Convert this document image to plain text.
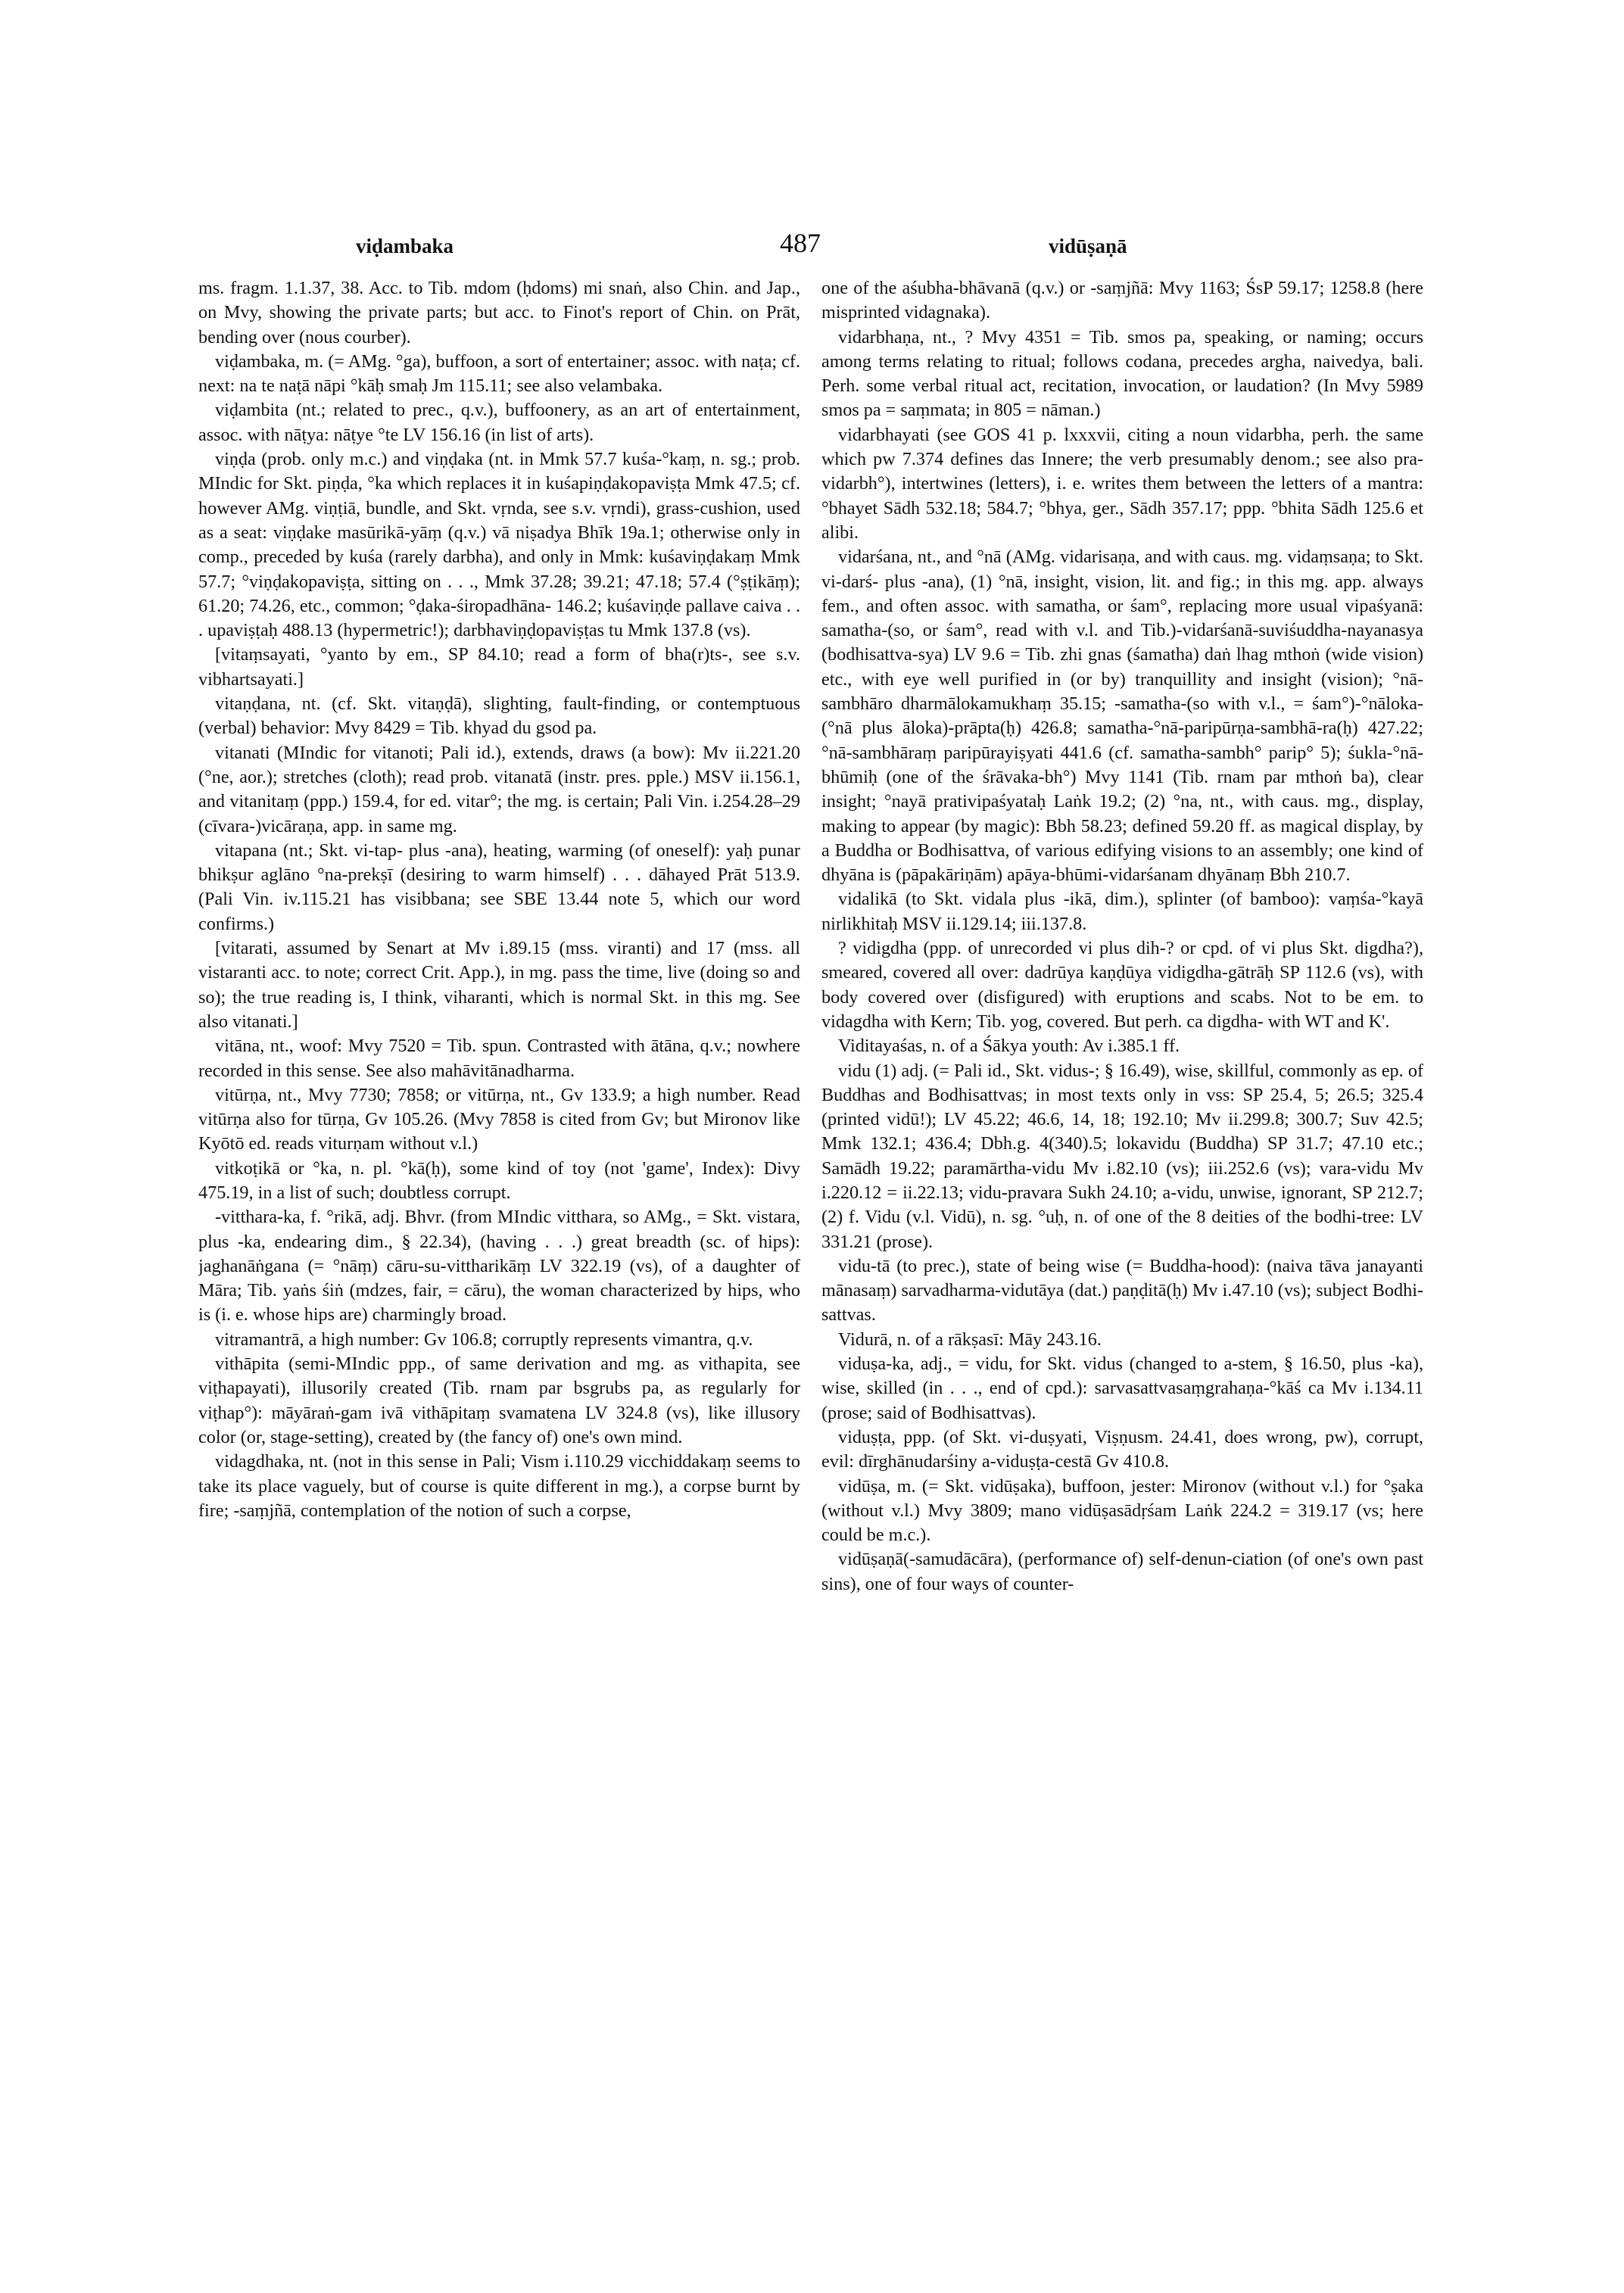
viḍambaka	487	vidūṣaṇā

ms. fragm. 1.1.37, 38. Acc. to Tib. mdom (ḥdoms) mi snaṅ, also Chin. and Jap., on Mvy, showing the private parts; but acc. to Finot's report of Chin. on Prāt, bending over (nous courber).

viḍambaka, m. (= AMg. °ga), buffoon, a sort of entertainer; assoc. with naṭa; cf. next: na te naṭā nāpi °kāḥ smaḥ Jm 115.11; see also velambaka.

viḍambita (nt.; related to prec., q.v.), buffoonery, as an art of entertainment, assoc. with nāṭya: nāṭye °te LV 156.16 (in list of arts).

viṇḍa (prob. only m.c.) and viṇḍaka (nt. in Mmk 57.7 kuśa-°kaṃ, n. sg.; prob. MIndic for Skt. piṇḍa, °ka which replaces it in kuśapiṇḍakopaviṣṭa Mmk 47.5; cf. however AMg. viṇṭiā, bundle, and Skt. vṛnda, see s.v. vṛndi), grass-cushion, used as a seat: viṇḍake masūrikā-yāṃ (q.v.) vā niṣadya Bhīk 19a.1; otherwise only in comp., preceded by kuśa (rarely darbha), and only in Mmk: kuśaviṇḍakaṃ Mmk 57.7; °viṇḍakopaviṣṭa, sitting on . . ., Mmk 37.28; 39.21; 47.18; 57.4 (°ṣṭikāṃ); 61.20; 74.26, etc., common; °ḍaka-śiropadhāna- 146.2; kuśaviṇḍe pallave caiva . . . upaviṣṭaḥ 488.13 (hypermetric!); darbhaviṇḍopaviṣṭas tu Mmk 137.8 (vs).

[vitaṃsayati, °yanto by em., SP 84.10; read a form of bha(r)ts-, see s.v. vibhartsayati.]

vitaṇḍana, nt. (cf. Skt. vitaṇḍā), slighting, fault-finding, or contemptuous (verbal) behavior: Mvy 8429 = Tib. khyad du gsod pa.

vitanati (MIndic for vitanoti; Pali id.), extends, draws (a bow): Mv ii.221.20 (°ne, aor.); stretches (cloth); read prob. vitanatā (instr. pres. pple.) MSV ii.156.1, and vitanitaṃ (ppp.) 159.4, for ed. vitar°; the mg. is certain; Pali Vin. i.254.28–29 (cīvara-)vicāraṇa, app. in same mg.

vitapana (nt.; Skt. vi-tap- plus -ana), heating, warming (of oneself): yaḥ punar bhikṣur aglāno °na-prekṣī (desiring to warm himself) . . . dāhayed Prāt 513.9. (Pali Vin. iv.115.21 has visibbana; see SBE 13.44 note 5, which our word confirms.)

[vitarati, assumed by Senart at Mv i.89.15 (mss. viranti) and 17 (mss. all vistaranti acc. to note; correct Crit. App.), in mg. pass the time, live (doing so and so); the true reading is, I think, viharanti, which is normal Skt. in this mg. See also vitanati.]

vitāna, nt., woof: Mvy 7520 = Tib. spun. Contrasted with ātāna, q.v.; nowhere recorded in this sense. See also mahāvitānadharma.

vitūrṇa, nt., Mvy 7730; 7858; or vitūrṇa, nt., Gv 133.9; a high number. Read vitūrṇa also for tūrṇa, Gv 105.26. (Mvy 7858 is cited from Gv; but Mironov like Kyōtō ed. reads viturṇam without v.l.)

vitkoṭikā or °ka, n. pl. °kā(ḥ), some kind of toy (not 'game', Index): Divy 475.19, in a list of such; doubtless corrupt.

-vitthara-ka, f. °rikā, adj. Bhvr. (from MIndic vitthara, so AMg., = Skt. vistara, plus -ka, endearing dim., § 22.34), (having . . .) great breadth (sc. of hips): jaghanāṅgana (= °nāṃ) cāru-su-vittharikāṃ LV 322.19 (vs), of a daughter of Māra; Tib. yaṅs śiṅ (mdzes, fair, = cāru), the woman characterized by hips, who is (i. e. whose hips are) charmingly broad.

vitramantrā, a high number: Gv 106.8; corruptly represents vimantra, q.v.

vithāpita (semi-MIndic ppp., of same derivation and mg. as vithapita, see viṭhapayati), illusorily created (Tib. rnam par bsgrubs pa, as regularly for viṭhap°): māyāraṅ-gam ivā vithāpitaṃ svamatena LV 324.8 (vs), like illusory color (or, stage-setting), created by (the fancy of) one's own mind.

vidagdhaka, nt. (not in this sense in Pali; Vism i.110.29 vicchiddakaṃ seems to take its place vaguely, but of course is quite different in mg.), a corpse burnt by fire; -saṃjñā, contemplation of the notion of such a corpse,

one of the aśubha-bhāvanā (q.v.) or -saṃjñā: Mvy 1163; ŚsP 59.17; 1258.8 (here misprinted vidagnaka).

vidarbhaṇa, nt., ? Mvy 4351 = Tib. smos pa, speaking, or naming; occurs among terms relating to ritual; follows codana, precedes argha, naivedya, bali. Perh. some verbal ritual act, recitation, invocation, or laudation? (In Mvy 5989 smos pa = saṃmata; in 805 = nāman.)

vidarbhayati (see GOS 41 p. lxxxvii, citing a noun vidarbha, perh. the same which pw 7.374 defines das Innere; the verb presumably denom.; see also pra-vidarbh°), intertwines (letters), i. e. writes them between the letters of a mantra: °bhayet Sādh 532.18; 584.7; °bhya, ger., Sādh 357.17; ppp. °bhita Sādh 125.6 et alibi.

vidarśana, nt., and °nā (AMg. vidarisaṇa, and with caus. mg. vidaṃsaṇa; to Skt. vi-darś- plus -ana), (1) °nā, insight, vision, lit. and fig.; in this mg. app. always fem., and often assoc. with samatha, or śam°, replacing more usual vipaśyanā: samatha-(so, or śam°, read with v.l. and Tib.)-vidarśanā-suviśuddha-nayanasya (bodhisattva-sya) LV 9.6 = Tib. zhi gnas (śamatha) daṅ lhag mthoṅ (wide vision) etc., with eye well purified in (or by) tranquillity and insight (vision); °nā-sambhāro dharmālokamukhaṃ 35.15; -samatha-(so with v.l., = śam°)-°nāloka-(°nā plus āloka)-prāpta(ḥ) 426.8; samatha-°nā-paripūrṇa-sambhā-ra(ḥ) 427.22; °nā-sambhāraṃ paripūrayiṣyati 441.6 (cf. samatha-sambh° parip° 5); śukla-°nā-bhūmiḥ (one of the śrāvaka-bh°) Mvy 1141 (Tib. rnam par mthoṅ ba), clear insight; °nayā prativipaśyataḥ Laṅk 19.2; (2) °na, nt., with caus. mg., display, making to appear (by magic): Bbh 58.23; defined 59.20 ff. as magical display, by a Buddha or Bodhisattva, of various edifying visions to an assembly; one kind of dhyāna is (pāpakāriṇām) apāya-bhūmi-vidarśanam dhyānaṃ Bbh 210.7.

vidalikā (to Skt. vidala plus -ikā, dim.), splinter (of bamboo): vaṃśa-°kayā nirlikhitaḥ MSV ii.129.14; iii.137.8.

? vidigdha (ppp. of unrecorded vi plus dih-? or cpd. of vi plus Skt. digdha?), smeared, covered all over: dadrūya kaṇḍūya vidigdha-gātrāḥ SP 112.6 (vs), with body covered over (disfigured) with eruptions and scabs. Not to be em. to vidagdha with Kern; Tib. yog, covered. But perh. ca digdha- with WT and K'.

Viditayaśas, n. of a Śākya youth: Av i.385.1 ff.

vidu (1) adj. (= Pali id., Skt. vidus-; § 16.49), wise, skillful, commonly as ep. of Buddhas and Bodhisattvas; in most texts only in vss: SP 25.4, 5; 26.5; 325.4 (printed vidū!); LV 45.22; 46.6, 14, 18; 192.10; Mv ii.299.8; 300.7; Suv 42.5; Mmk 132.1; 436.4; Dbh.g. 4(340).5; lokavidu (Buddha) SP 31.7; 47.10 etc.; Samādh 19.22; paramārtha-vidu Mv i.82.10 (vs); iii.252.6 (vs); vara-vidu Mv i.220.12 = ii.22.13; vidu-pravara Sukh 24.10; a-vidu, unwise, ignorant, SP 212.7; (2) f. Vidu (v.l. Vidū), n. sg. °uḥ, n. of one of the 8 deities of the bodhi-tree: LV 331.21 (prose).

vidu-tā (to prec.), state of being wise (= Buddha-hood): (naiva tāva janayanti mānasaṃ) sarvadharma-vidutāya (dat.) paṇḍitā(ḥ) Mv i.47.10 (vs); subject Bodhi-sattvas.

Vidurā, n. of a rākṣasī: Māy 243.16.

viduṣa-ka, adj., = vidu, for Skt. vidus (changed to a-stem, § 16.50, plus -ka), wise, skilled (in . . ., end of cpd.): sarvasattvasaṃgrahaṇa-°kāś ca Mv i.134.11 (prose; said of Bodhisattvas).

viduṣṭa, ppp. (of Skt. vi-duṣyati, Viṣṇusm. 24.41, does wrong, pw), corrupt, evil: dīrghānudarśiny a-viduṣṭa-cestā Gv 410.8.

vidūṣa, m. (= Skt. vidūṣaka), buffoon, jester: Mironov (without v.l.) for °ṣaka (without v.l.) Mvy 3809; mano vidūṣasādṛśam Laṅk 224.2 = 319.17 (vs; here could be m.c.).

vidūṣaṇā(-samudācāra), (performance of) self-denun-ciation (of one's own past sins), one of four ways of counter-
